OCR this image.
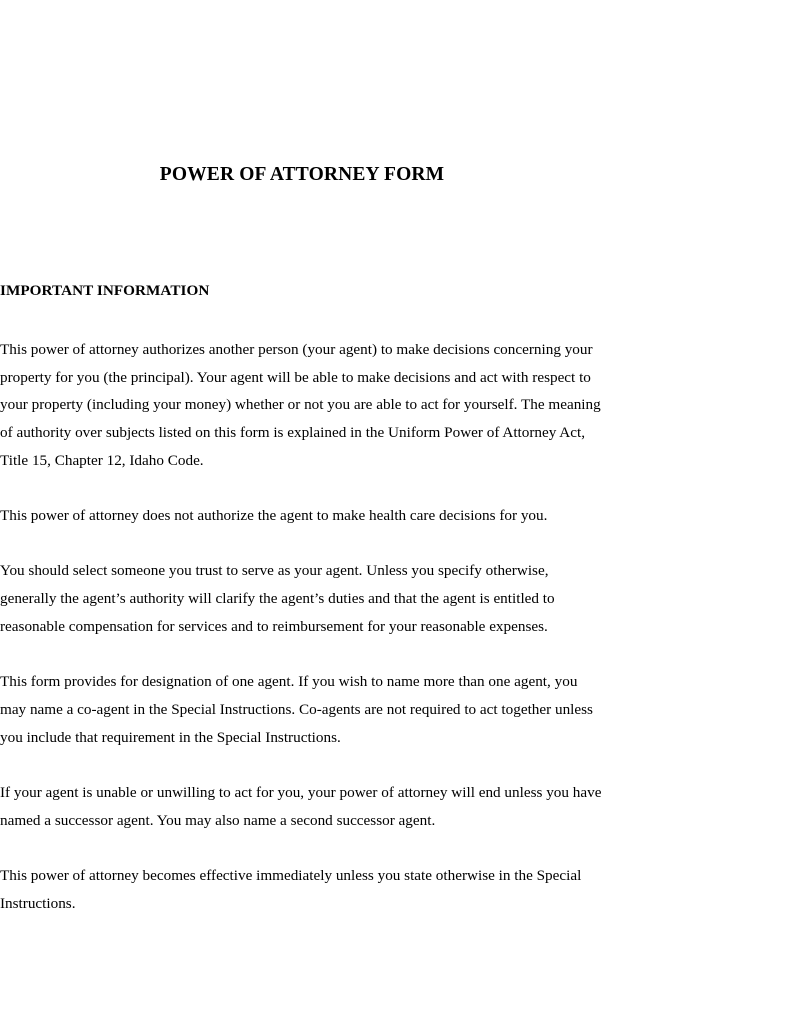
POWER OF ATTORNEY FORM
IMPORTANT INFORMATION

This power of attorney authorizes another person (your agent) to make decisions concerning your property for you (the principal). Your agent will be able to make decisions and act with respect to your property (including your money) whether or not you are able to act for yourself. The meaning of authority over subjects listed on this form is explained in the Uniform Power of Attorney Act, Title 15, Chapter 12, Idaho Code.

This power of attorney does not authorize the agent to make health care decisions for you.

You should select someone you trust to serve as your agent. Unless you specify otherwise, generally the agent’s authority will clarify the agent’s duties and that the agent is entitled to reasonable compensation for services and to reimbursement for your reasonable expenses.

This form provides for designation of one agent. If you wish to name more than one agent, you may name a co-agent in the Special Instructions. Co-agents are not required to act together unless you include that requirement in the Special Instructions.

If your agent is unable or unwilling to act for you, your power of attorney will end unless you have named a successor agent. You may also name a second successor agent.

This power of attorney becomes effective immediately unless you state otherwise in the Special Instructions.
